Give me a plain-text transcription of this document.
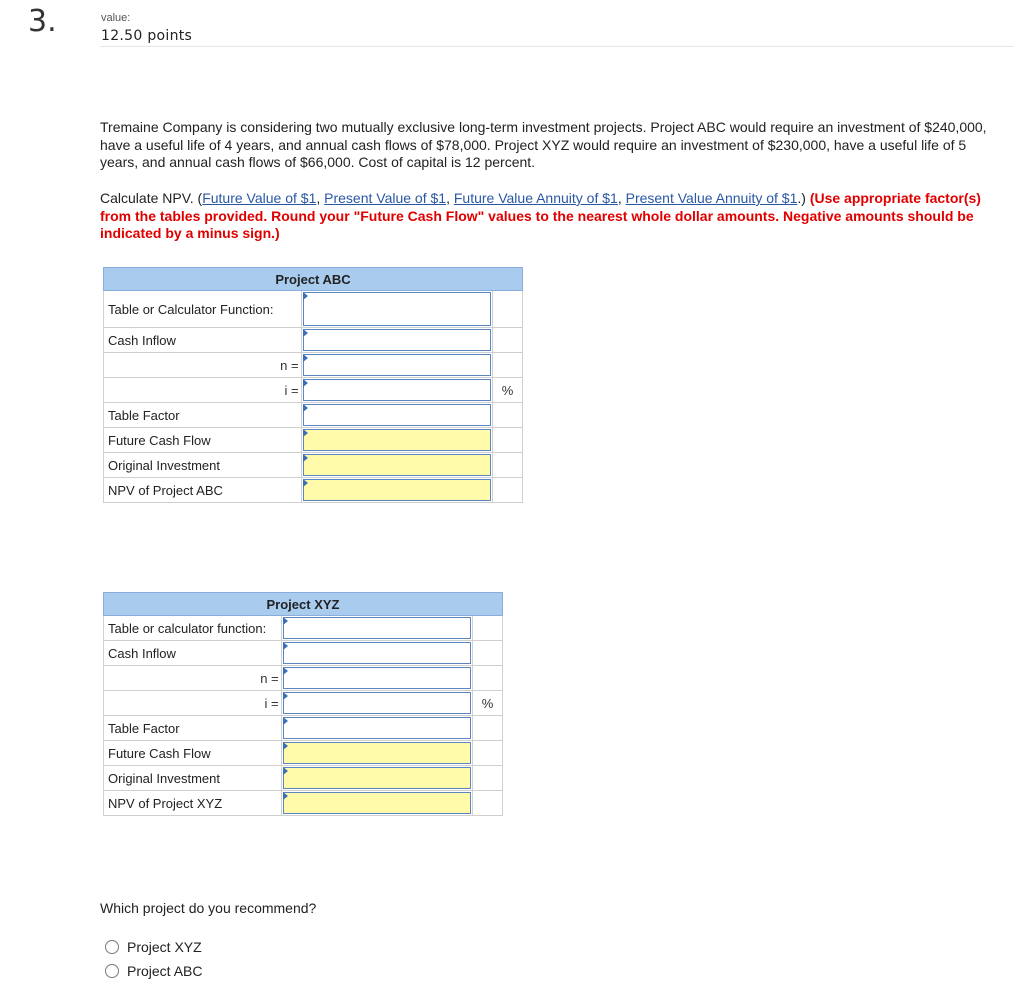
3.	value:
12.50 points
Tremaine Company is considering two mutually exclusive long-term investment projects. Project ABC would require an investment of $240,000, have a useful life of 4 years, and annual cash flows of $78,000. Project XYZ would require an investment of $230,000, have a useful life of 5 years, and annual cash flows of $66,000. Cost of capital is 12 percent.
Calculate NPV. (Future Value of $1, Present Value of $1, Future Value Annuity of $1, Present Value Annuity of $1.) (Use appropriate factor(s) from the tables provided. Round your "Future Cash Flow" values to the nearest whole dollar amounts. Negative amounts should be indicated by a minus sign.)
Project ABC		
Table or Calculator Function:	

Cash Inflow	

n =	

i =		%
Table Factor	

Future Cash Flow	

Original Investment	

NPV of Project ABC	

Project XYZ		
Table or calculator function:	

Cash Inflow	

n =	

i =		%
Table Factor	

Future Cash Flow	

Original Investment	

NPV of Project XYZ	

Which project do you recommend?
Project XYZ
Project ABC
